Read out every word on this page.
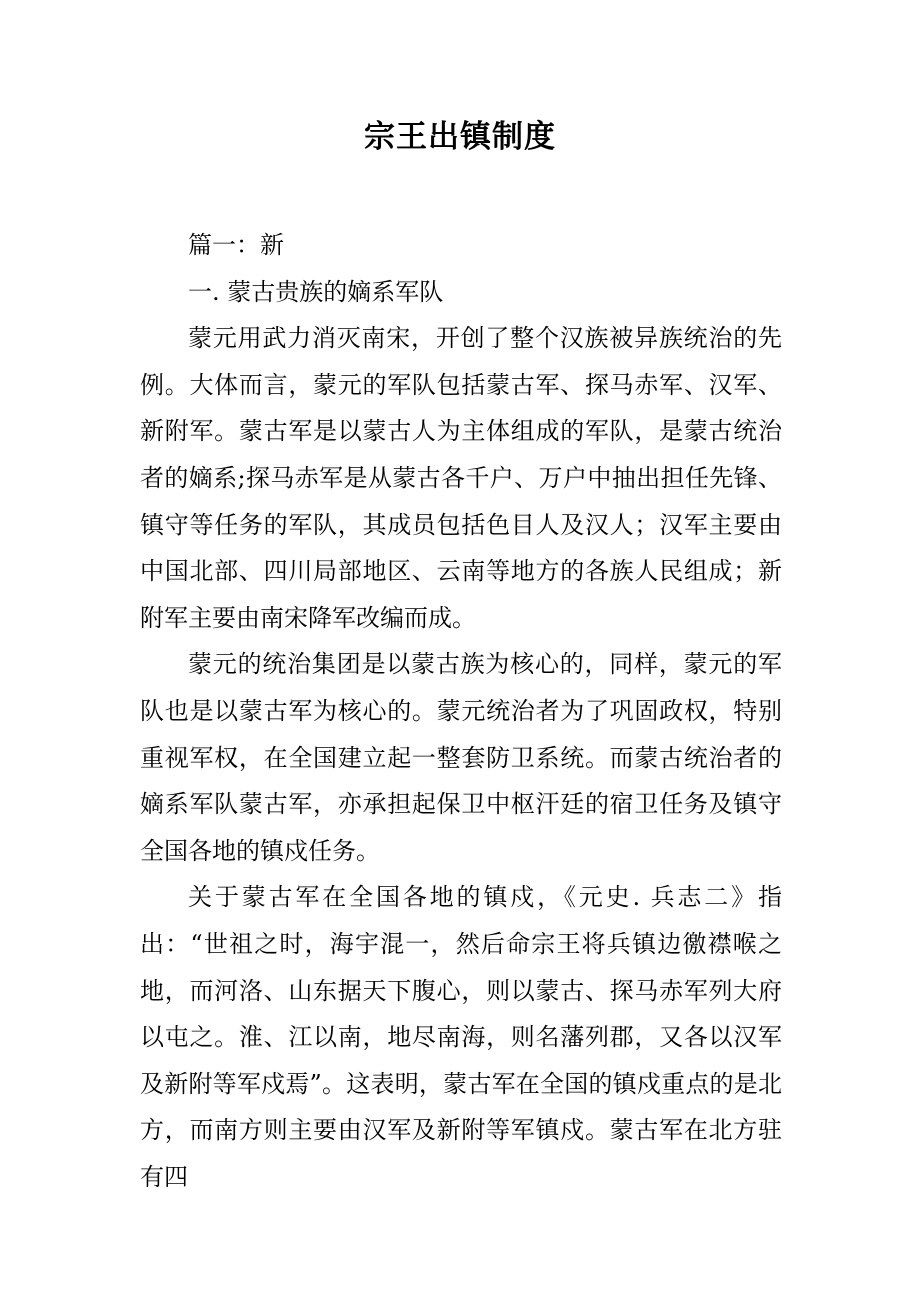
宗王出镇制度

篇一：新

一. 蒙古贵族的嫡系军队

蒙元用武力消灭南宋，开创了整个汉族被异族统治的先例。大体而言，蒙元的军队包括蒙古军、探马赤军、汉军、新附军。蒙古军是以蒙古人为主体组成的军队，是蒙古统治者的嫡系;探马赤军是从蒙古各千户、万户中抽出担任先锋、镇守等任务的军队，其成员包括色目人及汉人；汉军主要由中国北部、四川局部地区、云南等地方的各族人民组成；新附军主要由南宋降军改编而成。

蒙元的统治集团是以蒙古族为核心的，同样，蒙元的军队也是以蒙古军为核心的。蒙元统治者为了巩固政权，特别重视军权，在全国建立起一整套防卫系统。而蒙古统治者的嫡系军队蒙古军，亦承担起保卫中枢汗廷的宿卫任务及镇守全国各地的镇戍任务。

关于蒙古军在全国各地的镇戍，《元史. 兵志二》指出：“世祖之时，海宇混一，然后命宗王将兵镇边徼襟喉之地，而河洛、山东据天下腹心，则以蒙古、探马赤军列大府以屯之。淮、江以南，地尽南海，则名藩列郡，又各以汉军及新附等军戍焉”。这表明，蒙古军在全国的镇戍重点的是北方，而南方则主要由汉军及新附等军镇戍。蒙古军在北方驻有四
